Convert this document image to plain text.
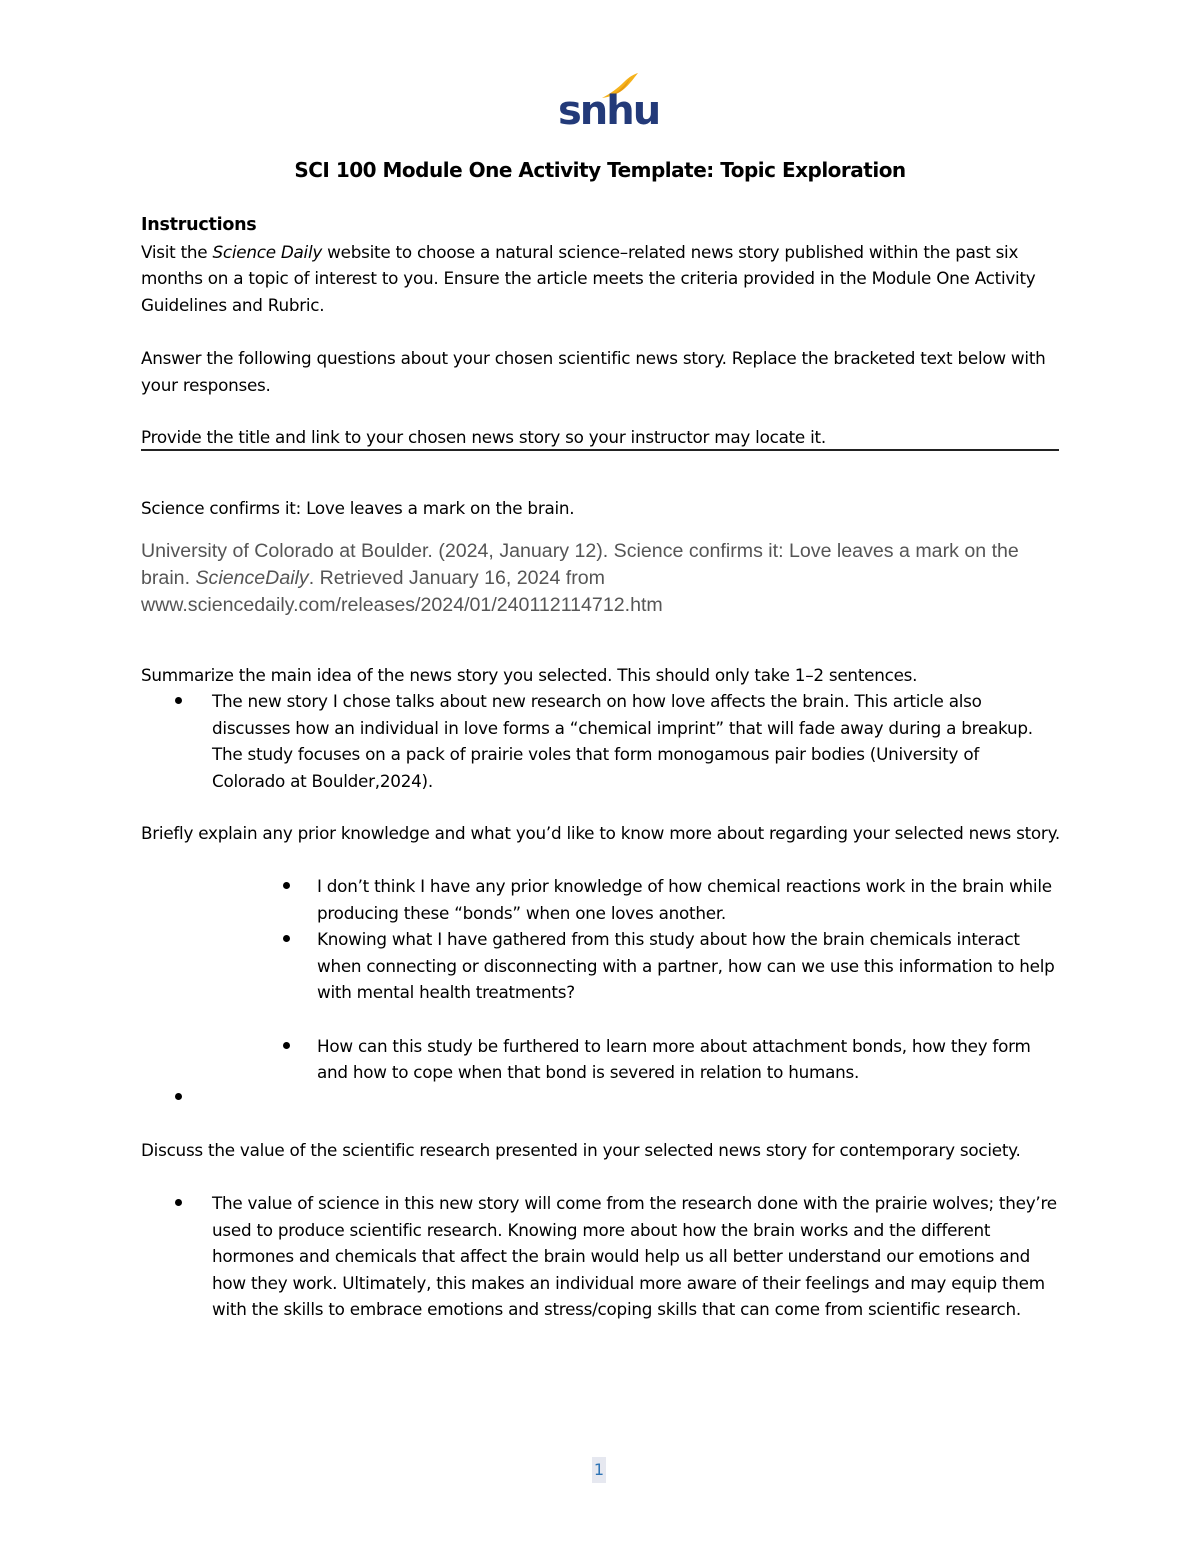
snhu
SCI 100 Module One Activity Template: Topic Exploration
Instructions
Visit the Science Daily website to choose a natural science–related news story published within the past six months on a topic of interest to you. Ensure the article meets the criteria provided in the Module One Activity Guidelines and Rubric.
Answer the following questions about your chosen scientific news story. Replace the bracketed text below with your responses.
Provide the title and link to your chosen news story so your instructor may locate it.
Science confirms it: Love leaves a mark on the brain.
University of Colorado at Boulder. (2024, January 12). Science confirms it: Love leaves a mark on the brain. ScienceDaily. Retrieved January 16, 2024 from www.sciencedaily.com/releases/2024/01/240112114712.htm
Summarize the main idea of the news story you selected. This should only take 1–2 sentences.
The new story I chose talks about new research on how love affects the brain. This article also discusses how an individual in love forms a “chemical imprint” that will fade away during a breakup. The study focuses on a pack of prairie voles that form monogamous pair bodies (University of Colorado at Boulder,2024).
Briefly explain any prior knowledge and what you’d like to know more about regarding your selected news story.
I don’t think I have any prior knowledge of how chemical reactions work in the brain while producing these “bonds” when one loves another.
Knowing what I have gathered from this study about how the brain chemicals interact when connecting or disconnecting with a partner, how can we use this information to help with mental health treatments?
How can this study be furthered to learn more about attachment bonds, how they form and how to cope when that bond is severed in relation to humans.
Discuss the value of the scientific research presented in your selected news story for contemporary society.
The value of science in this new story will come from the research done with the prairie wolves; they’re used to produce scientific research. Knowing more about how the brain works and the different hormones and chemicals that affect the brain would help us all better understand our emotions and how they work. Ultimately, this makes an individual more aware of their feelings and may equip them with the skills to embrace emotions and stress/coping skills that can come from scientific research.
1
